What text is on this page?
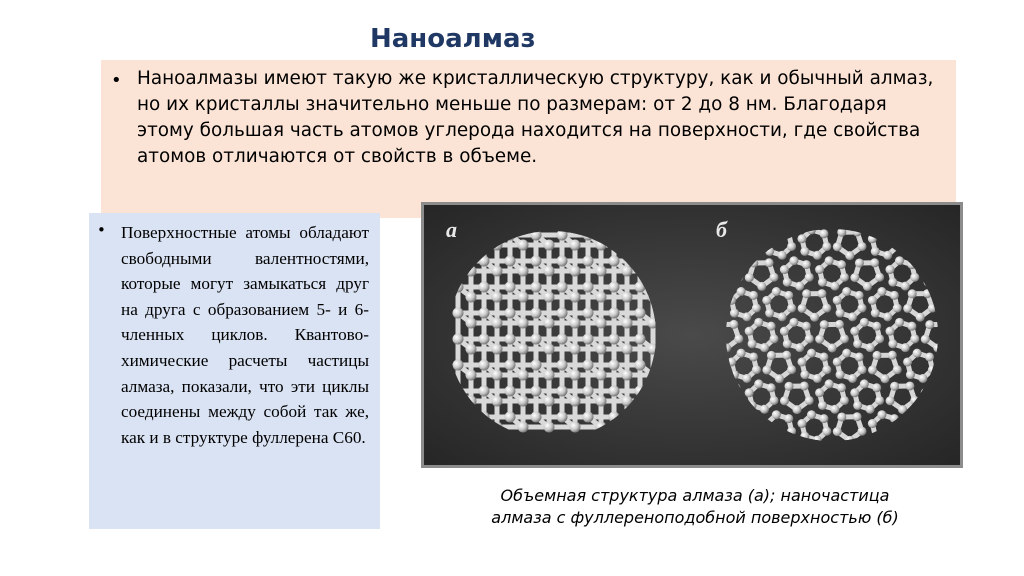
Наноалмаз
• Наноалмазы имеют такую же кристаллическую структуру, как и обычный алмаз, но их кристаллы значительно меньше по размерам: от 2 до 8 нм. Благодаря этому большая часть атомов углерода находится на поверхности, где свойства атомов отличаются от свойств в объеме.
• Поверхностные атомы обладают свободными валентностями, которые могут замыкаться друг на друга с образованием 5- и 6-членных циклов. Квантово-химические расчеты частицы алмаза, показали, что эти циклы соединены между собой так же, как и в структуре фуллерена С60.
а	б
Объемная структура алмаза (а); наночастица
алмаза с фуллереноподобной поверхностью (б)
